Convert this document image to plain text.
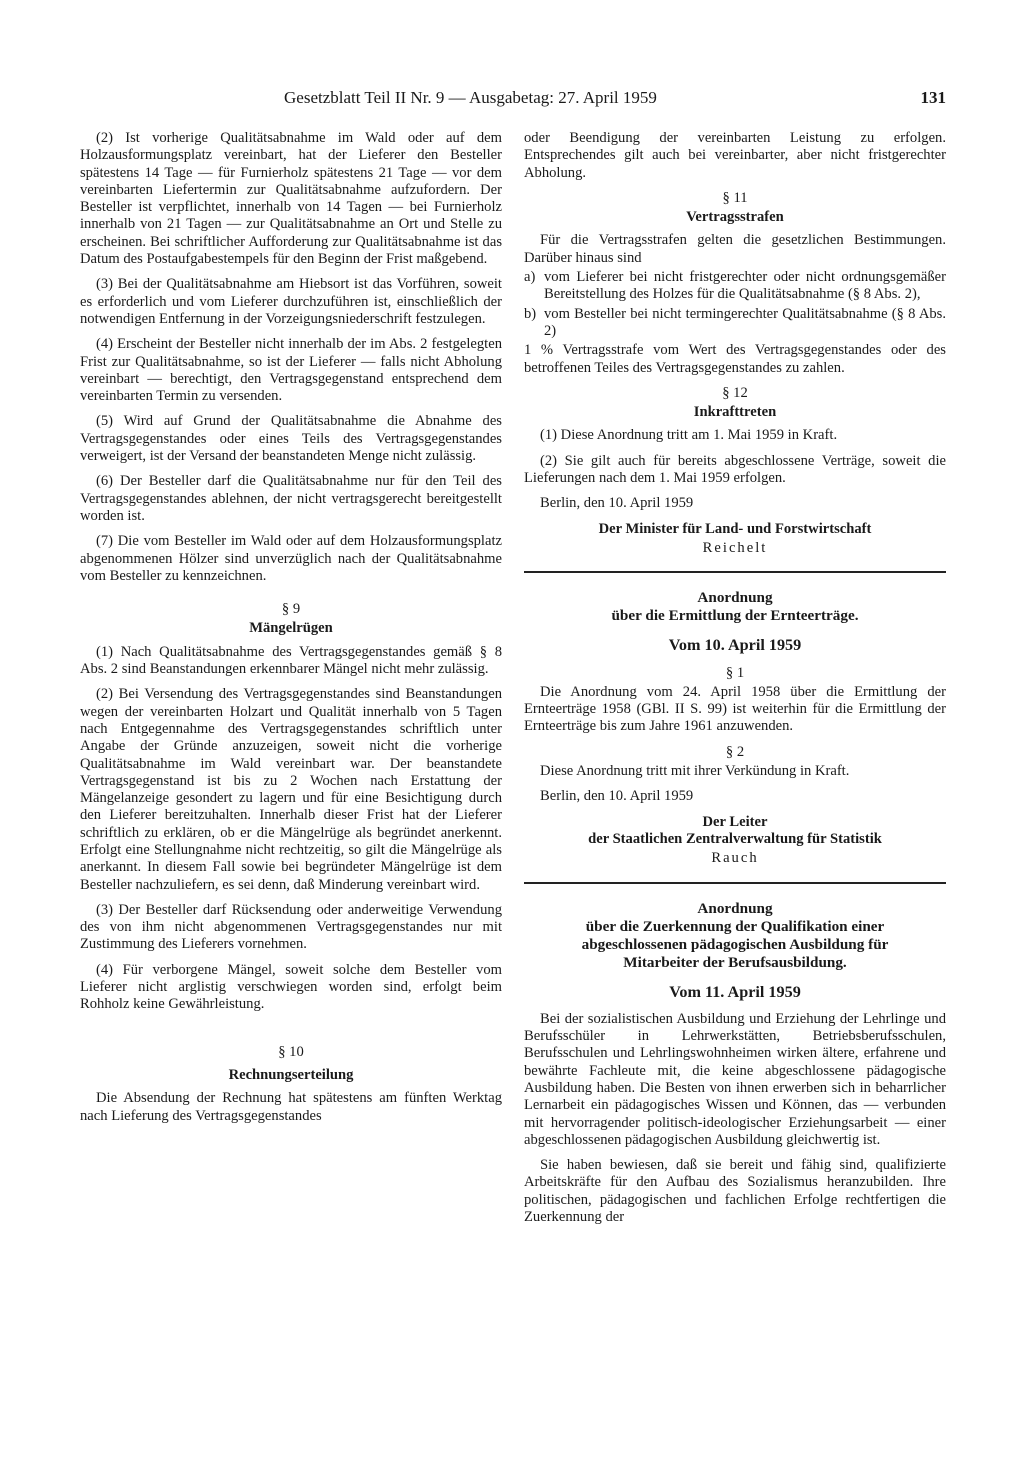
Gesetzblatt Teil II Nr. 9 — Ausgabetag: 27. April 1959	131

(2) Ist vorherige Qualitätsabnahme im Wald oder auf dem Holzausformungsplatz vereinbart, hat der Lieferer den Besteller spätestens 14 Tage — für Furnierholz spätestens 21 Tage — vor dem vereinbarten Liefertermin zur Qualitätsabnahme aufzufordern. Der Besteller ist verpflichtet, innerhalb von 14 Tagen — bei Furnierholz innerhalb von 21 Tagen — zur Qualitätsabnahme an Ort und Stelle zu erscheinen. Bei schriftlicher Aufforderung zur Qualitätsabnahme ist das Datum des Postaufgabestempels für den Beginn der Frist maßgebend.

(3) Bei der Qualitätsabnahme am Hiebsort ist das Vorführen, soweit es erforderlich und vom Lieferer durchzuführen ist, einschließlich der notwendigen Entfernung in der Vorzeigungsniederschrift festzulegen.

(4) Erscheint der Besteller nicht innerhalb der im Abs. 2 festgelegten Frist zur Qualitätsabnahme, so ist der Lieferer — falls nicht Abholung vereinbart — berechtigt, den Vertragsgegenstand entsprechend dem vereinbarten Termin zu versenden.

(5) Wird auf Grund der Qualitätsabnahme die Abnahme des Vertragsgegenstandes oder eines Teils des Vertragsgegenstandes verweigert, ist der Versand der beanstandeten Menge nicht zulässig.

(6) Der Besteller darf die Qualitätsabnahme nur für den Teil des Vertragsgegenstandes ablehnen, der nicht vertragsgerecht bereitgestellt worden ist.

(7) Die vom Besteller im Wald oder auf dem Holzausformungsplatz abgenommenen Hölzer sind unverzüglich nach der Qualitätsabnahme vom Besteller zu kennzeichnen.

§ 9
Mängelrügen

(1) Nach Qualitätsabnahme des Vertragsgegenstandes gemäß § 8 Abs. 2 sind Beanstandungen erkennbarer Mängel nicht mehr zulässig.

(2) Bei Versendung des Vertragsgegenstandes sind Beanstandungen wegen der vereinbarten Holzart und Qualität innerhalb von 5 Tagen nach Entgegennahme des Vertragsgegenstandes schriftlich unter Angabe der Gründe anzuzeigen, soweit nicht die vorherige Qualitätsabnahme im Wald vereinbart war. Der beanstandete Vertragsgegenstand ist bis zu 2 Wochen nach Erstattung der Mängelanzeige gesondert zu lagern und für eine Besichtigung durch den Lieferer bereitzuhalten. Innerhalb dieser Frist hat der Lieferer schriftlich zu erklären, ob er die Mängelrüge als begründet anerkennt. Erfolgt eine Stellungnahme nicht rechtzeitig, so gilt die Mängelrüge als anerkannt. In diesem Fall sowie bei begründeter Mängelrüge ist dem Besteller nachzuliefern, es sei denn, daß Minderung vereinbart wird.

(3) Der Besteller darf Rücksendung oder anderweitige Verwendung des von ihm nicht abgenommenen Vertragsgegenstandes nur mit Zustimmung des Lieferers vornehmen.

(4) Für verborgene Mängel, soweit solche dem Besteller vom Lieferer nicht arglistig verschwiegen worden sind, erfolgt beim Rohholz keine Gewährleistung.

§ 10
Rechnungserteilung

Die Absendung der Rechnung hat spätestens am fünften Werktag nach Lieferung des Vertragsgegenstandes

oder Beendigung der vereinbarten Leistung zu erfolgen. Entsprechendes gilt auch bei vereinbarter, aber nicht fristgerechter Abholung.

§ 11
Vertragsstrafen

Für die Vertragsstrafen gelten die gesetzlichen Bestimmungen. Darüber hinaus sind

a) vom Lieferer bei nicht fristgerechter oder nicht ordnungsgemäßer Bereitstellung des Holzes für die Qualitätsabnahme (§ 8 Abs. 2),
b) vom Besteller bei nicht termingerechter Qualitätsabnahme (§ 8 Abs. 2)

1 % Vertragsstrafe vom Wert des Vertragsgegenstandes oder des betroffenen Teiles des Vertragsgegenstandes zu zahlen.

§ 12
Inkrafttreten

(1) Diese Anordnung tritt am 1. Mai 1959 in Kraft.

(2) Sie gilt auch für bereits abgeschlossene Verträge, soweit die Lieferungen nach dem 1. Mai 1959 erfolgen.

Berlin, den 10. April 1959

Der Minister für Land- und Forstwirtschaft
Reichelt
Anordnung
über die Ermittlung der Ernteerträge.
Vom 10. April 1959
§ 1

Die Anordnung vom 24. April 1958 über die Ermittlung der Ernteerträge 1958 (GBl. II S. 99) ist weiterhin für die Ermittlung der Ernteerträge bis zum Jahre 1961 anzuwenden.

§ 2

Diese Anordnung tritt mit ihrer Verkündung in Kraft.

Berlin, den 10. April 1959

Der Leiter
der Staatlichen Zentralverwaltung für Statistik
Rauch
Anordnung
über die Zuerkennung der Qualifikation einer
abgeschlossenen pädagogischen Ausbildung für
Mitarbeiter der Berufsausbildung.
Vom 11. April 1959

Bei der sozialistischen Ausbildung und Erziehung der Lehrlinge und Berufsschüler in Lehrwerkstätten, Betriebsberufsschulen, Berufsschulen und Lehrlingswohnheimen wirken ältere, erfahrene und bewährte Fachleute mit, die keine abgeschlossene pädagogische Ausbildung haben. Die Besten von ihnen erwerben sich in beharrlicher Lernarbeit ein pädagogisches Wissen und Können, das — verbunden mit hervorragender politisch-ideologischer Erziehungsarbeit — einer abgeschlossenen pädagogischen Ausbildung gleichwertig ist.

Sie haben bewiesen, daß sie bereit und fähig sind, qualifizierte Arbeitskräfte für den Aufbau des Sozialismus heranzubilden. Ihre politischen, pädagogischen und fachlichen Erfolge rechtfertigen die Zuerkennung der
